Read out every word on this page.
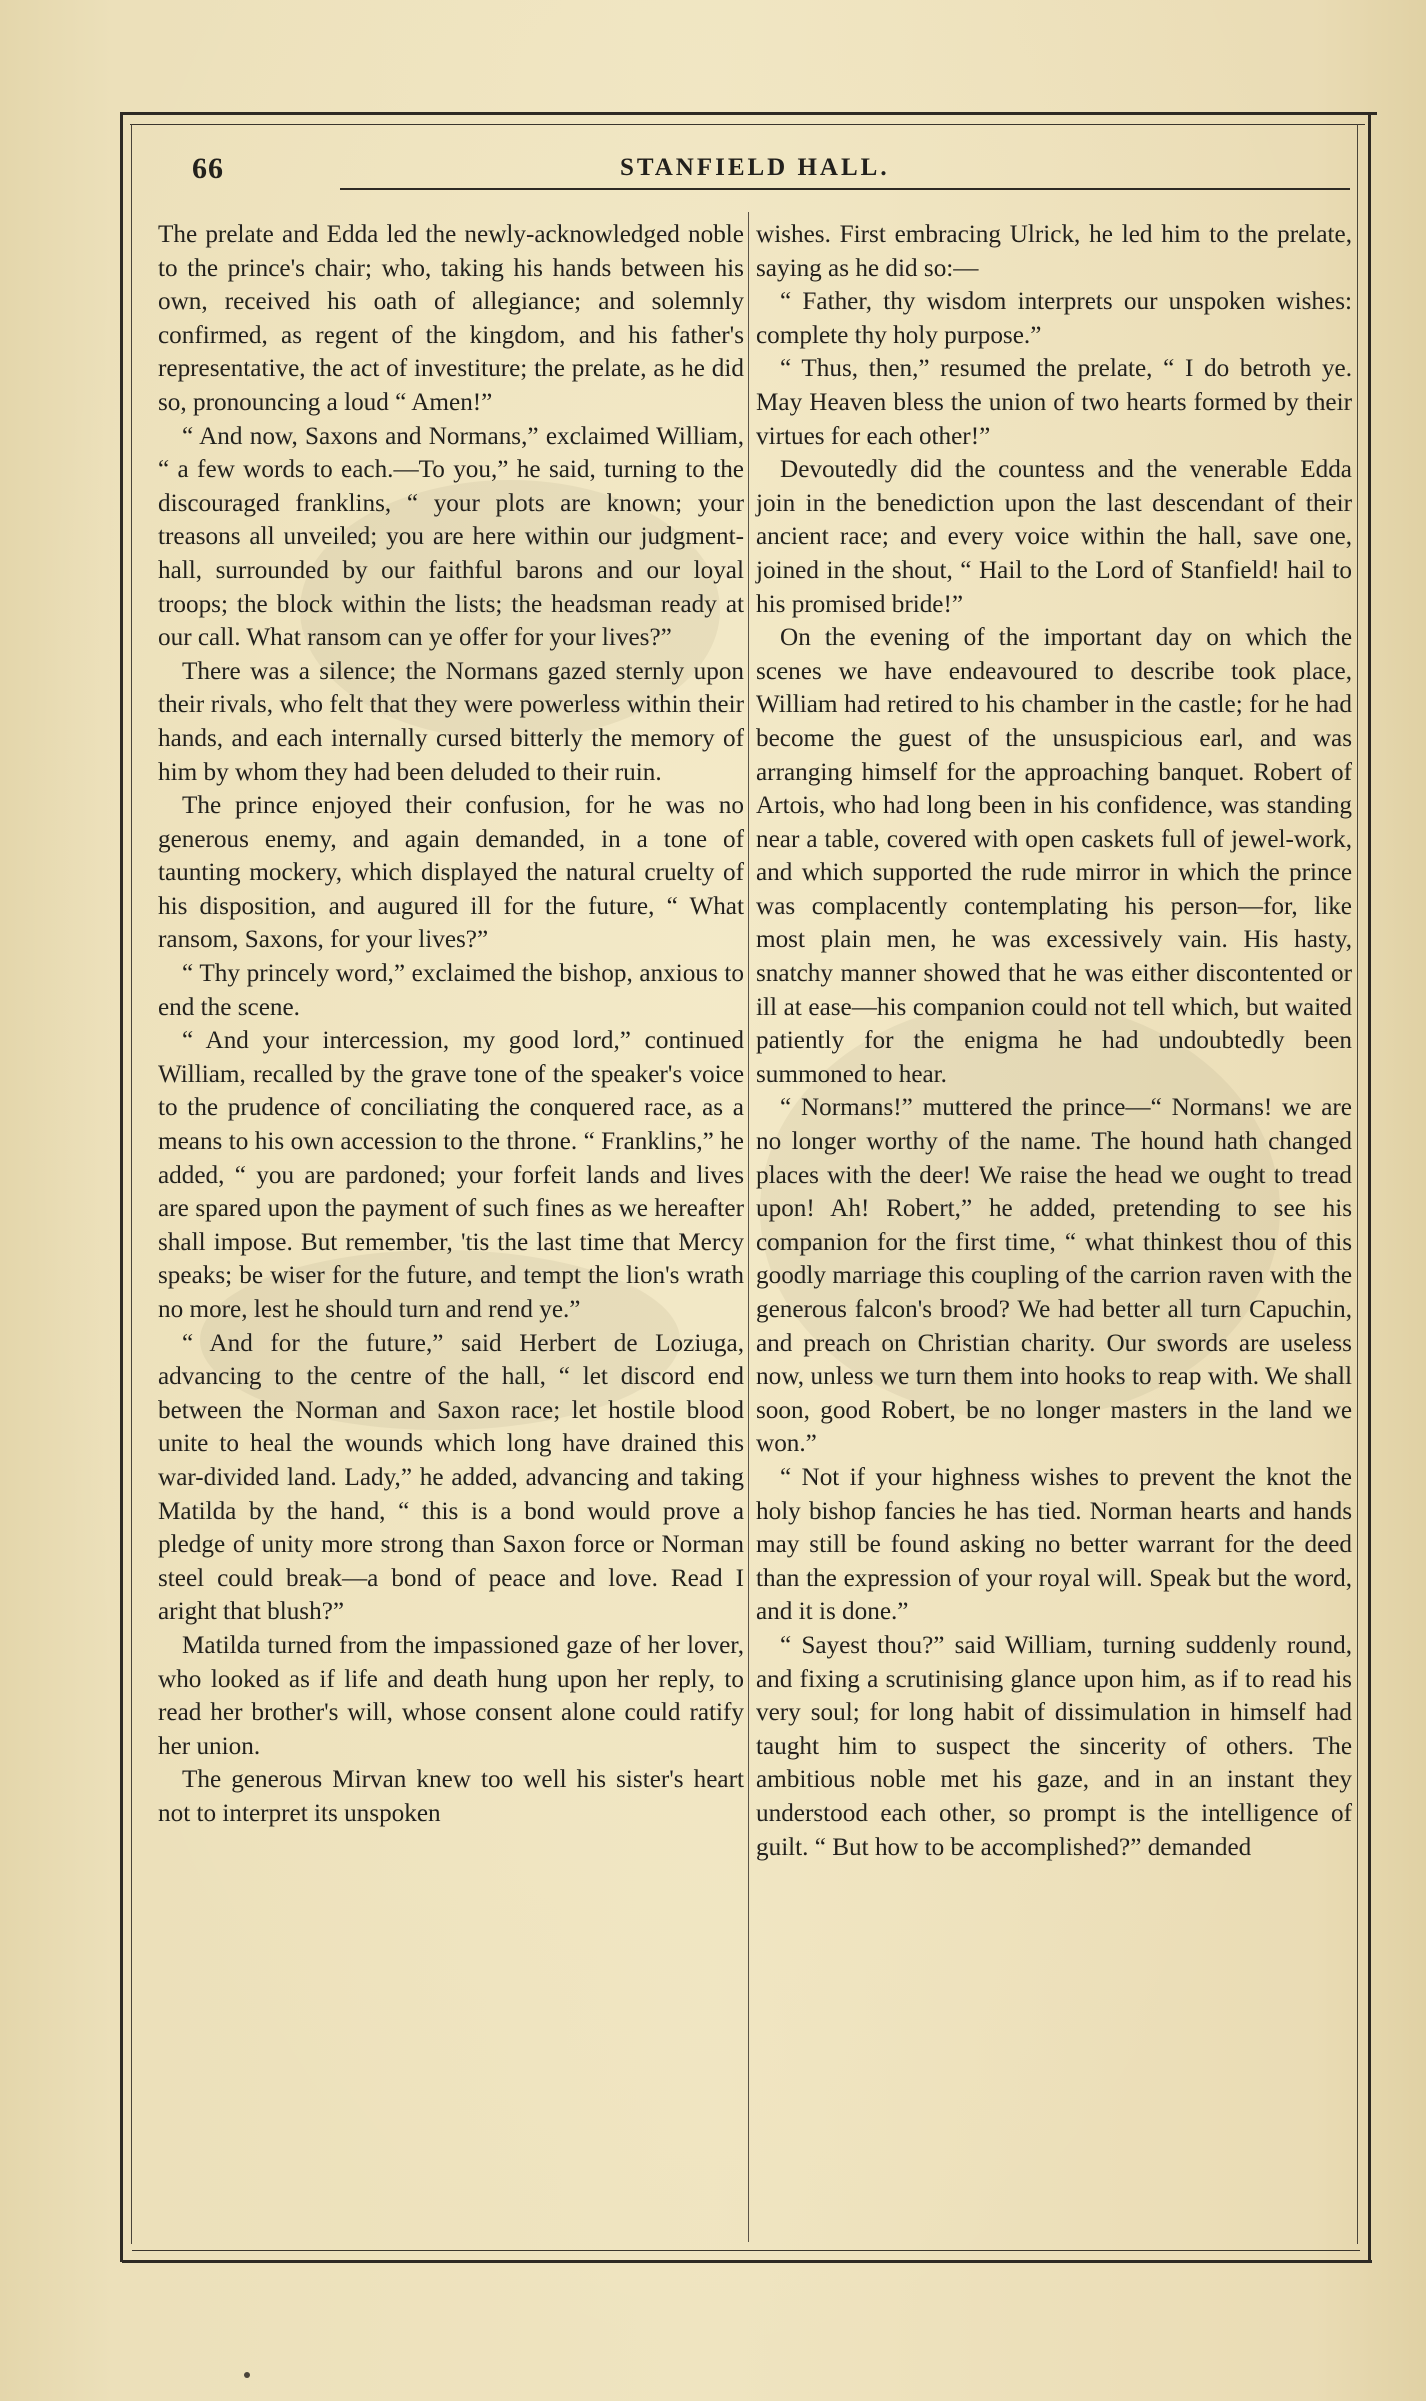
66	STANFIELD HALL.

The prelate and Edda led the newly-acknowledged noble to the prince's chair; who, taking his hands between his own, received his oath of allegiance; and solemnly confirmed, as regent of the kingdom, and his father's representative, the act of investiture; the prelate, as he did so, pronouncing a loud “ Amen!”

“ And now, Saxons and Normans,” exclaimed William, “ a few words to each.—To you,” he said, turning to the discouraged franklins, “ your plots are known; your treasons all unveiled; you are here within our judgment-hall, surrounded by our faithful barons and our loyal troops; the block within the lists; the headsman ready at our call. What ransom can ye offer for your lives?”

There was a silence; the Normans gazed sternly upon their rivals, who felt that they were powerless within their hands, and each internally cursed bitterly the memory of him by whom they had been deluded to their ruin.

The prince enjoyed their confusion, for he was no generous enemy, and again demanded, in a tone of taunting mockery, which displayed the natural cruelty of his disposition, and augured ill for the future, “ What ransom, Saxons, for your lives?”

“ Thy princely word,” exclaimed the bishop, anxious to end the scene.

“ And your intercession, my good lord,” continued William, recalled by the grave tone of the speaker's voice to the prudence of conciliating the conquered race, as a means to his own accession to the throne. “ Franklins,” he added, “ you are pardoned; your forfeit lands and lives are spared upon the payment of such fines as we hereafter shall impose. But remember, 'tis the last time that Mercy speaks; be wiser for the future, and tempt the lion's wrath no more, lest he should turn and rend ye.”

“ And for the future,” said Herbert de Loziuga, advancing to the centre of the hall, “ let discord end between the Norman and Saxon race; let hostile blood unite to heal the wounds which long have drained this war-divided land. Lady,” he added, advancing and taking Matilda by the hand, “ this is a bond would prove a pledge of unity more strong than Saxon force or Norman steel could break—a bond of peace and love. Read I aright that blush?”

Matilda turned from the impassioned gaze of her lover, who looked as if life and death hung upon her reply, to read her brother's will, whose consent alone could ratify her union.

The generous Mirvan knew too well his sister's heart not to interpret its unspoken

wishes. First embracing Ulrick, he led him to the prelate, saying as he did so:—

“ Father, thy wisdom interprets our unspoken wishes: complete thy holy purpose.”

“ Thus, then,” resumed the prelate, “ I do betroth ye. May Heaven bless the union of two hearts formed by their virtues for each other!”

Devoutedly did the countess and the venerable Edda join in the benediction upon the last descendant of their ancient race; and every voice within the hall, save one, joined in the shout, “ Hail to the Lord of Stanfield! hail to his promised bride!”

On the evening of the important day on which the scenes we have endeavoured to describe took place, William had retired to his chamber in the castle; for he had become the guest of the unsuspicious earl, and was arranging himself for the approaching banquet. Robert of Artois, who had long been in his confidence, was standing near a table, covered with open caskets full of jewel-work, and which supported the rude mirror in which the prince was complacently contemplating his person—for, like most plain men, he was excessively vain. His hasty, snatchy manner showed that he was either discontented or ill at ease—his companion could not tell which, but waited patiently for the enigma he had undoubtedly been summoned to hear.

“ Normans!” muttered the prince—“ Normans! we are no longer worthy of the name. The hound hath changed places with the deer! We raise the head we ought to tread upon! Ah! Robert,” he added, pretending to see his companion for the first time, “ what thinkest thou of this goodly marriage this coupling of the carrion raven with the generous falcon's brood? We had better all turn Capuchin, and preach on Christian charity. Our swords are useless now, unless we turn them into hooks to reap with. We shall soon, good Robert, be no longer masters in the land we won.”

“ Not if your highness wishes to prevent the knot the holy bishop fancies he has tied. Norman hearts and hands may still be found asking no better warrant for the deed than the expression of your royal will. Speak but the word, and it is done.”

“ Sayest thou?” said William, turning suddenly round, and fixing a scrutinising glance upon him, as if to read his very soul; for long habit of dissimulation in himself had taught him to suspect the sincerity of others. The ambitious noble met his gaze, and in an instant they understood each other, so prompt is the intelligence of guilt. “ But how to be accomplished?” demanded
